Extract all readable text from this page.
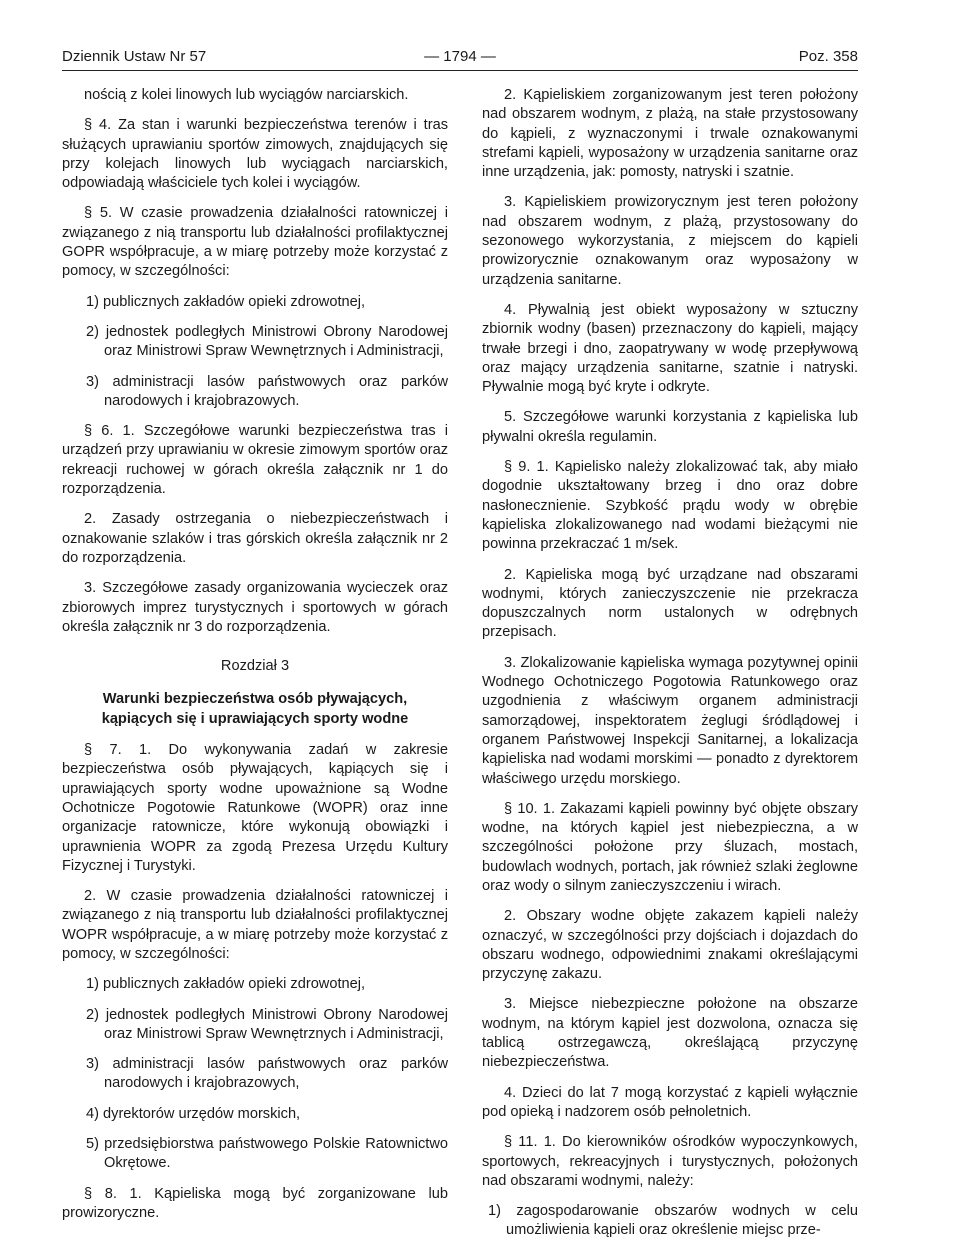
Dziennik Ustaw Nr 57	— 1794 —	Poz. 358

nością z kolei linowych lub wyciągów narciarskich.

§ 4. Za stan i warunki bezpieczeństwa terenów i tras służących uprawianiu sportów zimowych, znajdujących się przy kolejach linowych lub wyciągach narciarskich, odpowiadają właściciele tych kolei i wyciągów.

§ 5. W czasie prowadzenia działalności ratowniczej i związanego z nią transportu lub działalności profilaktycznej GOPR współpracuje, a w miarę potrzeby może korzystać z pomocy, w szczególności:

1) publicznych zakładów opieki zdrowotnej,

2) jednostek podległych Ministrowi Obrony Narodowej oraz Ministrowi Spraw Wewnętrznych i Administracji,

3) administracji lasów państwowych oraz parków narodowych i krajobrazowych.

§ 6. 1. Szczegółowe warunki bezpieczeństwa tras i urządzeń przy uprawianiu w okresie zimowym sportów oraz rekreacji ruchowej w górach określa załącznik nr 1 do rozporządzenia.

2. Zasady ostrzegania o niebezpieczeństwach i oznakowanie szlaków i tras górskich określa załącznik nr 2 do rozporządzenia.

3. Szczegółowe zasady organizowania wycieczek oraz zbiorowych imprez turystycznych i sportowych w górach określa załącznik nr 3 do rozporządzenia.

Rozdział 3

Warunki bezpieczeństwa osób pływających, kąpiących się i uprawiających sporty wodne

§ 7. 1. Do wykonywania zadań w zakresie bezpieczeństwa osób pływających, kąpiących się i uprawiających sporty wodne upoważnione są Wodne Ochotnicze Pogotowie Ratunkowe (WOPR) oraz inne organizacje ratownicze, które wykonują obowiązki i uprawnienia WOPR za zgodą Prezesa Urzędu Kultury Fizycznej i Turystyki.

2. W czasie prowadzenia działalności ratowniczej i związanego z nią transportu lub działalności profilaktycznej WOPR współpracuje, a w miarę potrzeby może korzystać z pomocy, w szczególności:

1) publicznych zakładów opieki zdrowotnej,

2) jednostek podległych Ministrowi Obrony Narodowej oraz Ministrowi Spraw Wewnętrznych i Administracji,

3) administracji lasów państwowych oraz parków narodowych i krajobrazowych,

4) dyrektorów urzędów morskich,

5) przedsiębiorstwa państwowego Polskie Ratownictwo Okrętowe.

§ 8. 1. Kąpieliska mogą być zorganizowane lub prowizoryczne.

2. Kąpieliskiem zorganizowanym jest teren położony nad obszarem wodnym, z plażą, na stałe przystosowany do kąpieli, z wyznaczonymi i trwale oznakowanymi strefami kąpieli, wyposażony w urządzenia sanitarne oraz inne urządzenia, jak: pomosty, natryski i szatnie.

3. Kąpieliskiem prowizorycznym jest teren położony nad obszarem wodnym, z plażą, przystosowany do sezonowego wykorzystania, z miejscem do kąpieli prowizorycznie oznakowanym oraz wyposażony w urządzenia sanitarne.

4. Pływalnią jest obiekt wyposażony w sztuczny zbiornik wodny (basen) przeznaczony do kąpieli, mający trwałe brzegi i dno, zaopatrywany w wodę przepływową oraz mający urządzenia sanitarne, szatnie i natryski. Pływalnie mogą być kryte i odkryte.

5. Szczegółowe warunki korzystania z kąpieliska lub pływalni określa regulamin.

§ 9. 1. Kąpielisko należy zlokalizować tak, aby miało dogodnie ukształtowany brzeg i dno oraz dobre nasłonecznienie. Szybkość prądu wody w obrębie kąpieliska zlokalizowanego nad wodami bieżącymi nie powinna przekraczać 1 m/sek.

2. Kąpieliska mogą być urządzane nad obszarami wodnymi, których zanieczyszczenie nie przekracza dopuszczalnych norm ustalonych w odrębnych przepisach.

3. Zlokalizowanie kąpieliska wymaga pozytywnej opinii Wodnego Ochotniczego Pogotowia Ratunkowego oraz uzgodnienia z właściwym organem administracji samorządowej, inspektoratem żeglugi śródlądowej i organem Państwowej Inspekcji Sanitarnej, a lokalizacja kąpieliska nad wodami morskimi — ponadto z dyrektorem właściwego urzędu morskiego.

§ 10. 1. Zakazami kąpieli powinny być objęte obszary wodne, na których kąpiel jest niebezpieczna, a w szczególności położone przy śluzach, mostach, budowlach wodnych, portach, jak również szlaki żeglowne oraz wody o silnym zanieczyszczeniu i wirach.

2. Obszary wodne objęte zakazem kąpieli należy oznaczyć, w szczególności przy dojściach i dojazdach do obszaru wodnego, odpowiednimi znakami określającymi przyczynę zakazu.

3. Miejsce niebezpieczne położone na obszarze wodnym, na którym kąpiel jest dozwolona, oznacza się tablicą ostrzegawczą, określającą przyczynę niebezpieczeństwa.

4. Dzieci do lat 7 mogą korzystać z kąpieli wyłącznie pod opieką i nadzorem osób pełnoletnich.

§ 11. 1. Do kierowników ośrodków wypoczynkowych, sportowych, rekreacyjnych i turystycznych, położonych nad obszarami wodnymi, należy:

1) zagospodarowanie obszarów wodnych w celu umożliwienia kąpieli oraz określenie miejsc prze-
